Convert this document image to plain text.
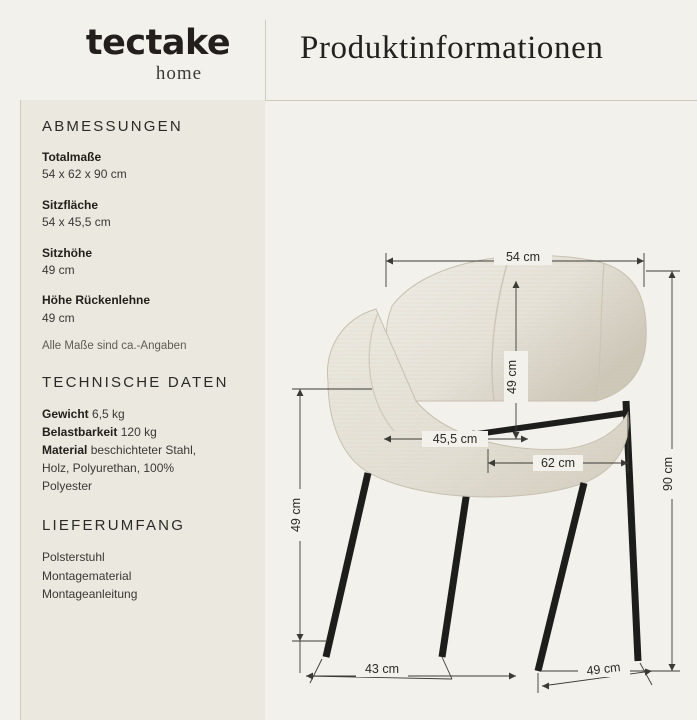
tectake
home
Produktinformationen
ABMESSUNGEN
Totalmaße
54 x 62 x 90 cm
Sitzfläche
54 x 45,5 cm
Sitzhöhe
49 cm
Höhe Rückenlehne
49 cm
Alle Maße sind ca.-Angaben
TECHNISCHE DATEN
Gewicht 6,5 kg
Belastbarkeit 120 kg
Material beschichteter Stahl,
Holz, Polyurethan, 100%
Polyester
LIEFERUMFANG
Polsterstuhl
Montagematerial
Montageanleitung
54 cm
49 cm
45,5 cm
90 cm
62 cm
49 cm
43 cm	49 cm
